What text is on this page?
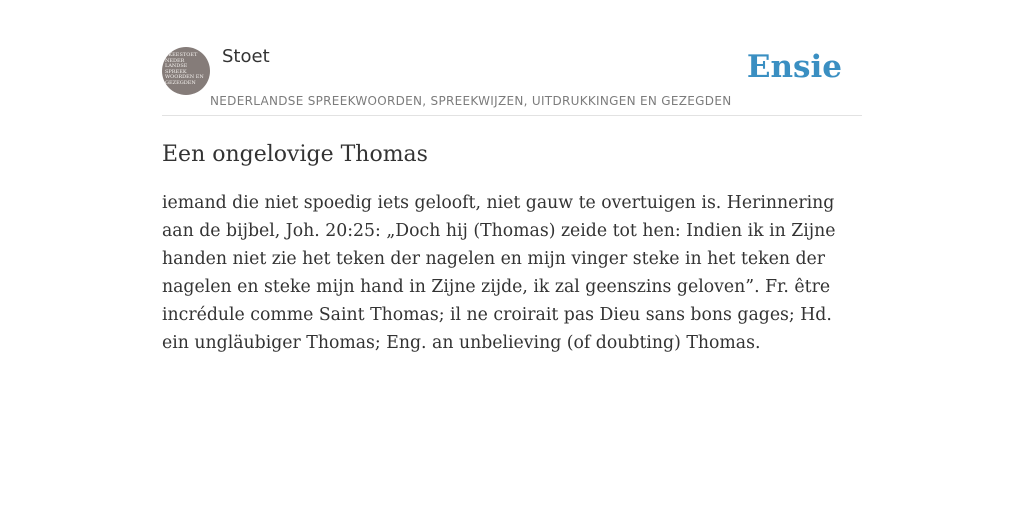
SKEESTOET
NEDER
LANDSE
SPREEK
WOORDEN EN
GEZEGDEN
Stoet
NEDERLANDSE SPREEKWOORDEN, SPREEKWIJZEN, UITDRUKKINGEN EN GEZEGDEN
Ensie
Een ongelovige Thomas

iemand die niet spoedig iets gelooft, niet gauw te overtuigen is. Herinnering aan de bijbel, Joh. 20:25: „Doch hij (Thomas) zeide tot hen: Indien ik in Zijne handen niet zie het teken der nagelen en mijn vinger steke in het teken der nagelen en steke mijn hand in Zijne zijde, ik zal geenszins geloven”. Fr. être incrédule comme Saint Thomas; il ne croirait pas Dieu sans bons gages; Hd. ein ungläubiger Thomas; Eng. an unbelieving (of doubting) Thomas.
